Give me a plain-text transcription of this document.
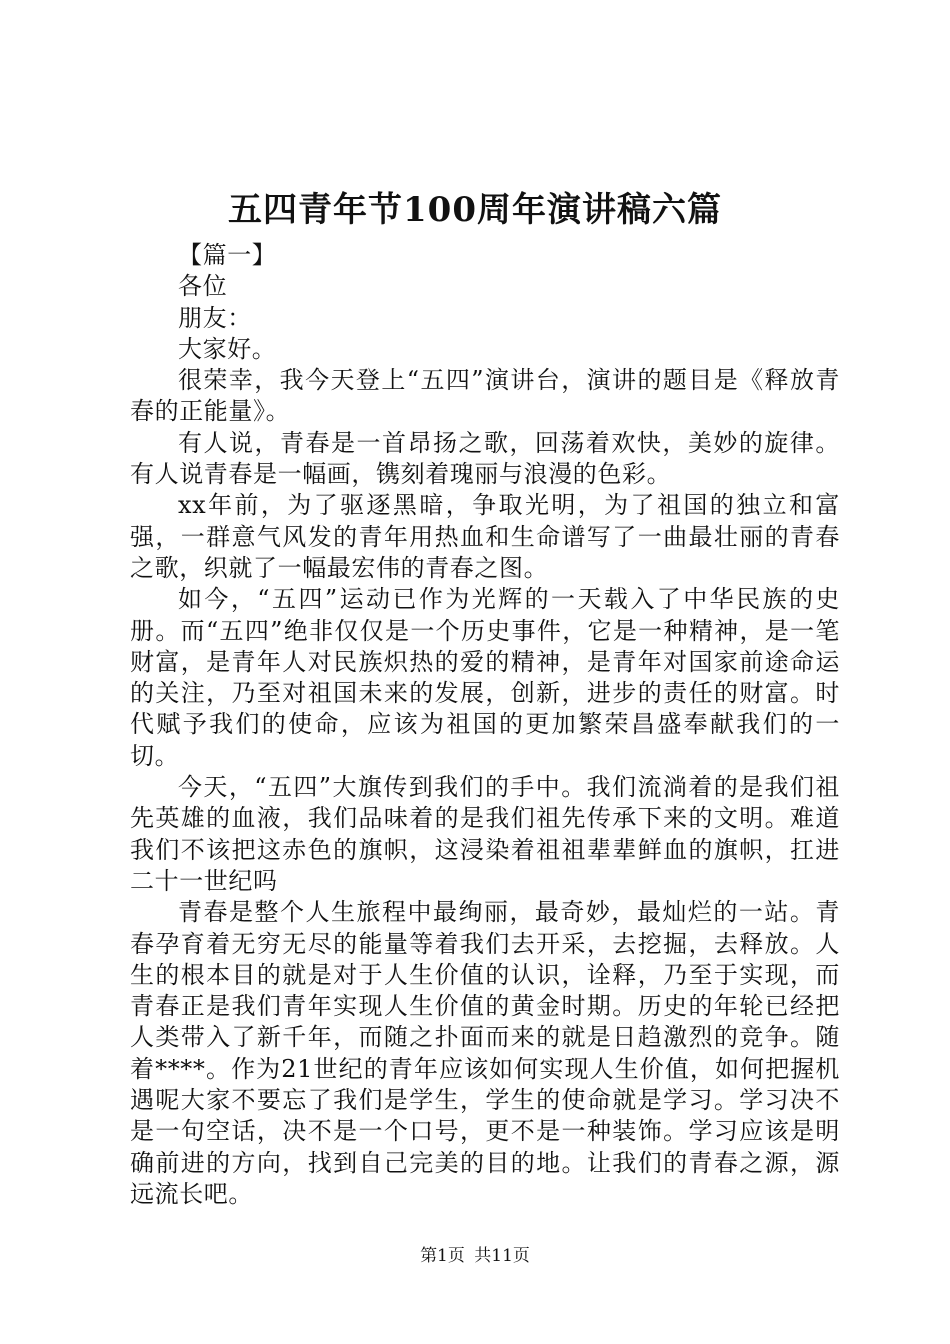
五四青年节100周年演讲稿六篇

【篇一】

各位

朋友：

大家好。

很荣幸，我今天登上“五四”演讲台，演讲的题目是《释放青春的正能量》。

有人说，青春是一首昂扬之歌，回荡着欢快，美妙的旋律。有人说青春是一幅画，镌刻着瑰丽与浪漫的色彩。

xx年前，为了驱逐黑暗，争取光明，为了祖国的独立和富强，一群意气风发的青年用热血和生命谱写了一曲最壮丽的青春之歌，织就了一幅最宏伟的青春之图。

如今，“五四”运动已作为光辉的一天载入了中华民族的史册。而“五四”绝非仅仅是一个历史事件，它是一种精神，是一笔财富，是青年人对民族炽热的爱的精神，是青年对国家前途命运的关注，乃至对祖国未来的发展，创新，进步的责任的财富。时代赋予我们的使命，应该为祖国的更加繁荣昌盛奉献我们的一切。

今天，“五四”大旗传到我们的手中。我们流淌着的是我们祖先英雄的血液，我们品味着的是我们祖先传承下来的文明。难道我们不该把这赤色的旗帜，这浸染着祖祖辈辈鲜血的旗帜，扛进二十一世纪吗

青春是整个人生旅程中最绚丽，最奇妙，最灿烂的一站。青春孕育着无穷无尽的能量等着我们去开采，去挖掘，去释放。人生的根本目的就是对于人生价值的认识，诠释，乃至于实现，而青春正是我们青年实现人生价值的黄金时期。历史的年轮已经把人类带入了新千年，而随之扑面而来的就是日趋激烈的竞争。随着****。作为21世纪的青年应该如何实现人生价值，如何把握机遇呢大家不要忘了我们是学生，学生的使命就是学习。学习决不是一句空话，决不是一个口号，更不是一种装饰。学习应该是明确前进的方向，找到自己完美的目的地。让我们的青春之源，源远流长吧。

第1页 共11页
